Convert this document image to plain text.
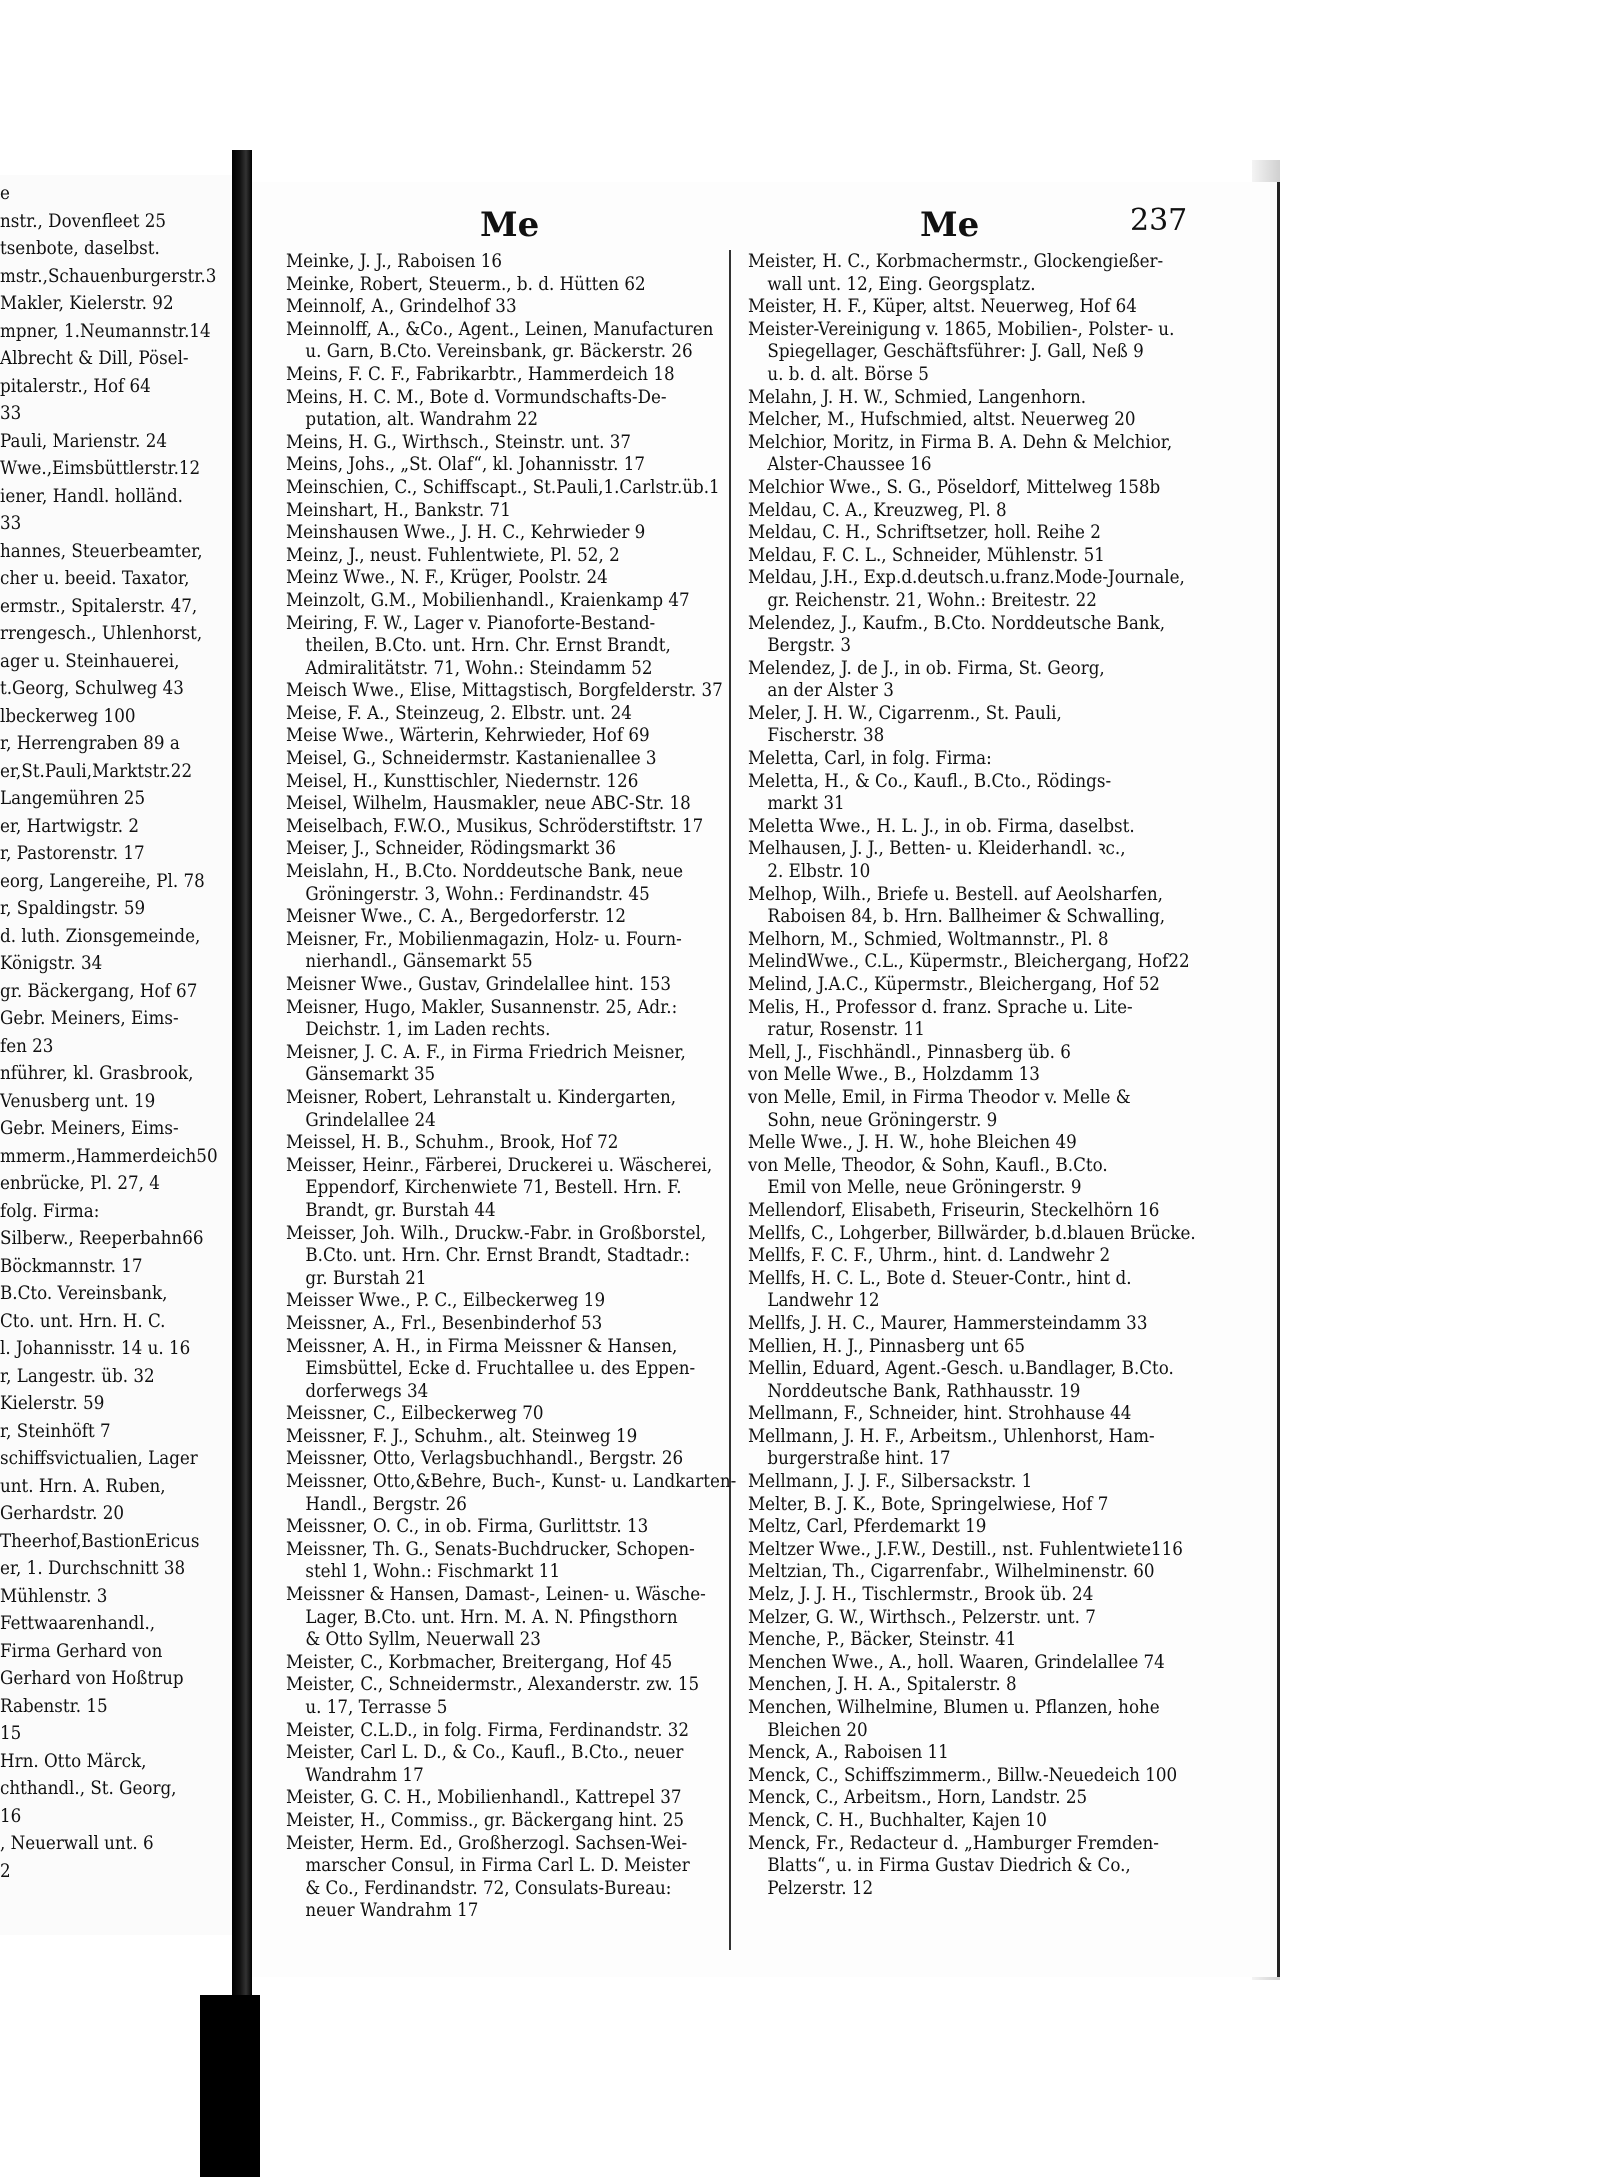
e
nstr., Dovenfleet 25
tsenbote, daselbst.
mstr.,Schauenburgerstr.3
Makler, Kielerstr. 92
mpner, 1.Neumannstr.14
Albrecht & Dill, Pösel-
pitalerstr., Hof 64
33
Pauli, Marienstr. 24
Wwe.,Eimsbüttlerstr.12
iener, Handl. holländ.
33
hannes, Steuerbeamter,
cher u. beeid. Taxator,
ermstr., Spitalerstr. 47,
rrengesch., Uhlenhorst,
ager u. Steinhauerei,
t.Georg, Schulweg 43
lbeckerweg 100
r, Herrengraben 89 a
er,St.Pauli,Marktstr.22
Langemühren 25
er, Hartwigstr. 2
r, Pastorenstr. 17
eorg, Langereihe, Pl. 78
r, Spaldingstr. 59
d. luth. Zionsgemeinde,
Königstr. 34
gr. Bäckergang, Hof 67
Gebr. Meiners, Eims-
fen 23
nführer, kl. Grasbrook,
Venusberg unt. 19
Gebr. Meiners, Eims-
mmerm.,Hammerdeich50
enbrücke, Pl. 27, 4
folg. Firma:
Silberw., Reeperbahn66
Böckmannstr. 17
B.Cto. Vereinsbank,
Cto. unt. Hrn. H. C.
l. Johannisstr. 14 u. 16
r, Langestr. üb. 32
Kielerstr. 59
r, Steinhöft 7
schiffsvictualien, Lager
unt. Hrn. A. Ruben,
Gerhardstr. 20
Theerhof,BastionEricus
er, 1. Durchschnitt 38
Mühlenstr. 3
Fettwaarenhandl.,
Firma Gerhard von
Gerhard von Hoßtrup
Rabenstr. 15
15
Hrn. Otto Märck,
chthandl., St. Georg,
16
, Neuerwall unt. 6
2
Me	Me	237
Meinke, J. J., Raboisen 16
Meinke, Robert, Steuerm., b. d. Hütten 62
Meinnolf, A., Grindelhof 33
Meinnolff, A., &Co., Agent., Leinen, Manufacturen
u. Garn, B.Cto. Vereinsbank, gr. Bäckerstr. 26
Meins, F. C. F., Fabrikarbtr., Hammerdeich 18
Meins, H. C. M., Bote d. Vormundschafts-De-
putation, alt. Wandrahm 22
Meins, H. G., Wirthsch., Steinstr. unt. 37
Meins, Johs., „St. Olaf“, kl. Johannisstr. 17
Meinschien, C., Schiffscapt., St.Pauli,1.Carlstr.üb.1
Meinshart, H., Bankstr. 71
Meinshausen Wwe., J. H. C., Kehrwieder 9
Meinz, J., neust. Fuhlentwiete, Pl. 52, 2
Meinz Wwe., N. F., Krüger, Poolstr. 24
Meinzolt, G.M., Mobilienhandl., Kraienkamp 47
Meiring, F. W., Lager v. Pianoforte-Bestand-
theilen, B.Cto. unt. Hrn. Chr. Ernst Brandt,
Admiralitätstr. 71, Wohn.: Steindamm 52
Meisch Wwe., Elise, Mittagstisch, Borgfelderstr. 37
Meise, F. A., Steinzeug, 2. Elbstr. unt. 24
Meise Wwe., Wärterin, Kehrwieder, Hof 69
Meisel, G., Schneidermstr. Kastanienallee 3
Meisel, H., Kunsttischler, Niedernstr. 126
Meisel, Wilhelm, Hausmakler, neue ABC-Str. 18
Meiselbach, F.W.O., Musikus, Schröderstiftstr. 17
Meiser, J., Schneider, Rödingsmarkt 36
Meislahn, H., B.Cto. Norddeutsche Bank, neue
Gröningerstr. 3, Wohn.: Ferdinandstr. 45
Meisner Wwe., C. A., Bergedorferstr. 12
Meisner, Fr., Mobilienmagazin, Holz- u. Fourn-
nierhandl., Gänsemarkt 55
Meisner Wwe., Gustav, Grindelallee hint. 153
Meisner, Hugo, Makler, Susannenstr. 25, Adr.:
Deichstr. 1, im Laden rechts.
Meisner, J. C. A. F., in Firma Friedrich Meisner,
Gänsemarkt 35
Meisner, Robert, Lehranstalt u. Kindergarten,
Grindelallee 24
Meissel, H. B., Schuhm., Brook, Hof 72
Meisser, Heinr., Färberei, Druckerei u. Wäscherei,
Eppendorf, Kirchenwiete 71, Bestell. Hrn. F.
Brandt, gr. Burstah 44
Meisser, Joh. Wilh., Druckw.-Fabr. in Großborstel,
B.Cto. unt. Hrn. Chr. Ernst Brandt, Stadtadr.:
gr. Burstah 21
Meisser Wwe., P. C., Eilbeckerweg 19
Meissner, A., Frl., Besenbinderhof 53
Meissner, A. H., in Firma Meissner & Hansen,
Eimsbüttel, Ecke d. Fruchtallee u. des Eppen-
dorferwegs 34
Meissner, C., Eilbeckerweg 70
Meissner, F. J., Schuhm., alt. Steinweg 19
Meissner, Otto, Verlagsbuchhandl., Bergstr. 26
Meissner, Otto,&Behre, Buch-, Kunst- u. Landkarten-
Handl., Bergstr. 26
Meissner, O. C., in ob. Firma, Gurlittstr. 13
Meissner, Th. G., Senats-Buchdrucker, Schopen-
stehl 1, Wohn.: Fischmarkt 11
Meissner & Hansen, Damast-, Leinen- u. Wäsche-
Lager, B.Cto. unt. Hrn. M. A. N. Pfingsthorn
& Otto Syllm, Neuerwall 23
Meister, C., Korbmacher, Breitergang, Hof 45
Meister, C., Schneidermstr., Alexanderstr. zw. 15
u. 17, Terrasse 5
Meister, C.L.D., in folg. Firma, Ferdinandstr. 32
Meister, Carl L. D., & Co., Kaufl., B.Cto., neuer
Wandrahm 17
Meister, G. C. H., Mobilienhandl., Kattrepel 37
Meister, H., Commiss., gr. Bäckergang hint. 25
Meister, Herm. Ed., Großherzogl. Sachsen-Wei-
marscher Consul, in Firma Carl L. D. Meister
& Co., Ferdinandstr. 72, Consulats-Bureau:
neuer Wandrahm 17
Meister, H. C., Korbmachermstr., Glockengießer-
wall unt. 12, Eing. Georgsplatz.
Meister, H. F., Küper, altst. Neuerweg, Hof 64
Meister-Vereinigung v. 1865, Mobilien-, Polster- u.
Spiegellager, Geschäftsführer: J. Gall, Neß 9
u. b. d. alt. Börse 5
Melahn, J. H. W., Schmied, Langenhorn.
Melcher, M., Hufschmied, altst. Neuerweg 20
Melchior, Moritz, in Firma B. A. Dehn & Melchior,
Alster-Chaussee 16
Melchior Wwe., S. G., Pöseldorf, Mittelweg 158b
Meldau, C. A., Kreuzweg, Pl. 8
Meldau, C. H., Schriftsetzer, holl. Reihe 2
Meldau, F. C. L., Schneider, Mühlenstr. 51
Meldau, J.H., Exp.d.deutsch.u.franz.Mode-Journale,
gr. Reichenstr. 21, Wohn.: Breitestr. 22
Melendez, J., Kaufm., B.Cto. Norddeutsche Bank,
Bergstr. 3
Melendez, J. de J., in ob. Firma, St. Georg,
an der Alster 3
Meler, J. H. W., Cigarrenm., St. Pauli,
Fischerstr. 38
Meletta, Carl, in folg. Firma:
Meletta, H., & Co., Kaufl., B.Cto., Rödings-
markt 31
Meletta Wwe., H. L. J., in ob. Firma, daselbst.
Melhausen, J. J., Betten- u. Kleiderhandl. ꝛc.,
2. Elbstr. 10
Melhop, Wilh., Briefe u. Bestell. auf Aeolsharfen,
Raboisen 84, b. Hrn. Ballheimer & Schwalling,
Melhorn, M., Schmied, Woltmannstr., Pl. 8
MelindWwe., C.L., Küpermstr., Bleichergang, Hof22
Melind, J.A.C., Küpermstr., Bleichergang, Hof 52
Melis, H., Professor d. franz. Sprache u. Lite-
ratur, Rosenstr. 11
Mell, J., Fischhändl., Pinnasberg üb. 6
von Melle Wwe., B., Holzdamm 13
von Melle, Emil, in Firma Theodor v. Melle &
Sohn, neue Gröningerstr. 9
Melle Wwe., J. H. W., hohe Bleichen 49
von Melle, Theodor, & Sohn, Kaufl., B.Cto.
Emil von Melle, neue Gröningerstr. 9
Mellendorf, Elisabeth, Friseurin, Steckelhörn 16
Mellfs, C., Lohgerber, Billwärder, b.d.blauen Brücke.
Mellfs, F. C. F., Uhrm., hint. d. Landwehr 2
Mellfs, H. C. L., Bote d. Steuer-Contr., hint d.
Landwehr 12
Mellfs, J. H. C., Maurer, Hammersteindamm 33
Mellien, H. J., Pinnasberg unt 65
Mellin, Eduard, Agent.-Gesch. u.Bandlager, B.Cto.
Norddeutsche Bank, Rathhausstr. 19
Mellmann, F., Schneider, hint. Strohhause 44
Mellmann, J. H. F., Arbeitsm., Uhlenhorst, Ham-
burgerstraße hint. 17
Mellmann, J. J. F., Silbersackstr. 1
Melter, B. J. K., Bote, Springelwiese, Hof 7
Meltz, Carl, Pferdemarkt 19
Meltzer Wwe., J.F.W., Destill., nst. Fuhlentwiete116
Meltzian, Th., Cigarrenfabr., Wilhelminenstr. 60
Melz, J. J. H., Tischlermstr., Brook üb. 24
Melzer, G. W., Wirthsch., Pelzerstr. unt. 7
Menche, P., Bäcker, Steinstr. 41
Menchen Wwe., A., holl. Waaren, Grindelallee 74
Menchen, J. H. A., Spitalerstr. 8
Menchen, Wilhelmine, Blumen u. Pflanzen, hohe
Bleichen 20
Menck, A., Raboisen 11
Menck, C., Schiffszimmerm., Billw.-Neuedeich 100
Menck, C., Arbeitsm., Horn, Landstr. 25
Menck, C. H., Buchhalter, Kajen 10
Menck, Fr., Redacteur d. „Hamburger Fremden-
Blatts“, u. in Firma Gustav Diedrich & Co.,
Pelzerstr. 12
